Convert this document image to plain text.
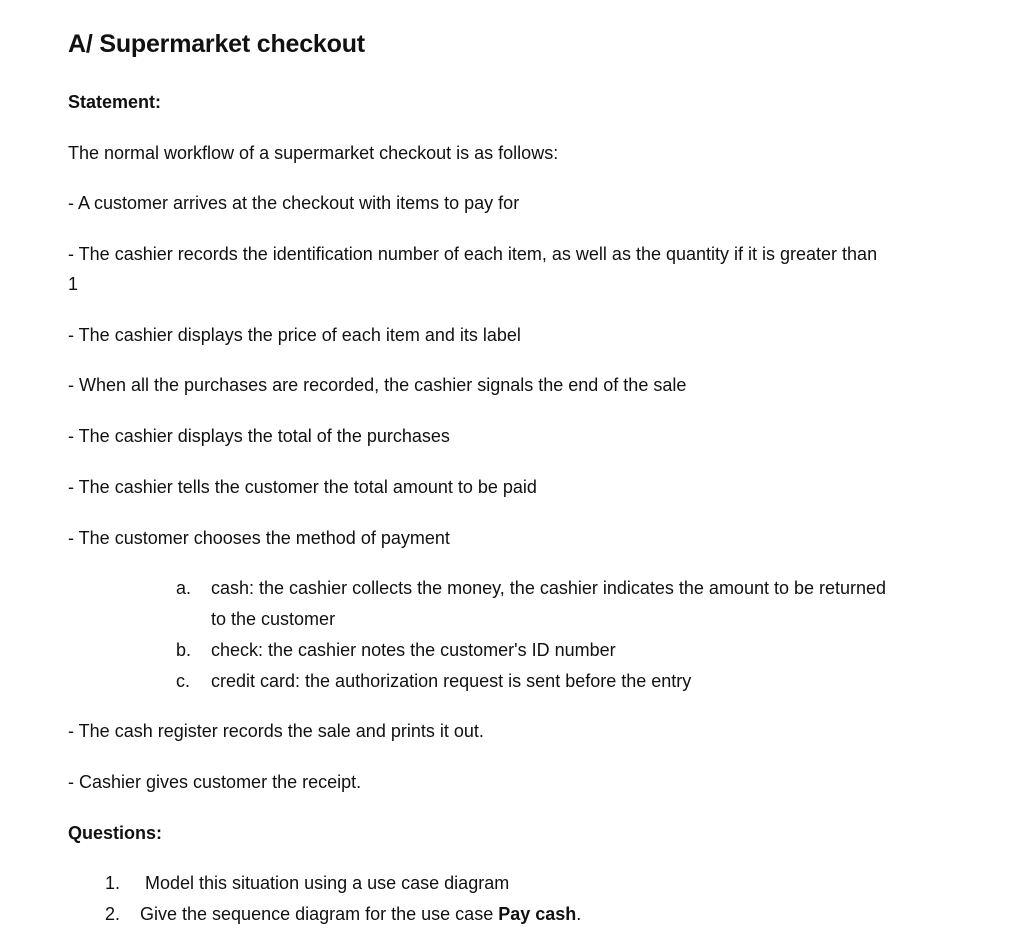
A/ Supermarket checkout
Statement:
The normal workflow of a supermarket checkout is as follows:
- A customer arrives at the checkout with items to pay for
- The cashier records the identification number of each item, as well as the quantity if it is greater than
1
- The cashier displays the price of each item and its label
- When all the purchases are recorded, the cashier signals the end of the sale
- The cashier displays the total of the purchases
- The cashier tells the customer the total amount to be paid
- The customer chooses the method of payment
a. cash: the cashier collects the money, the cashier indicates the amount to be returned
to the customer
b. check: the cashier notes the customer's ID number
c. credit card: the authorization request is sent before the entry
- The cash register records the sale and prints it out.
- Cashier gives customer the receipt.
Questions:
1. Model this situation using a use case diagram
2. Give the sequence diagram for the use case Pay cash.
